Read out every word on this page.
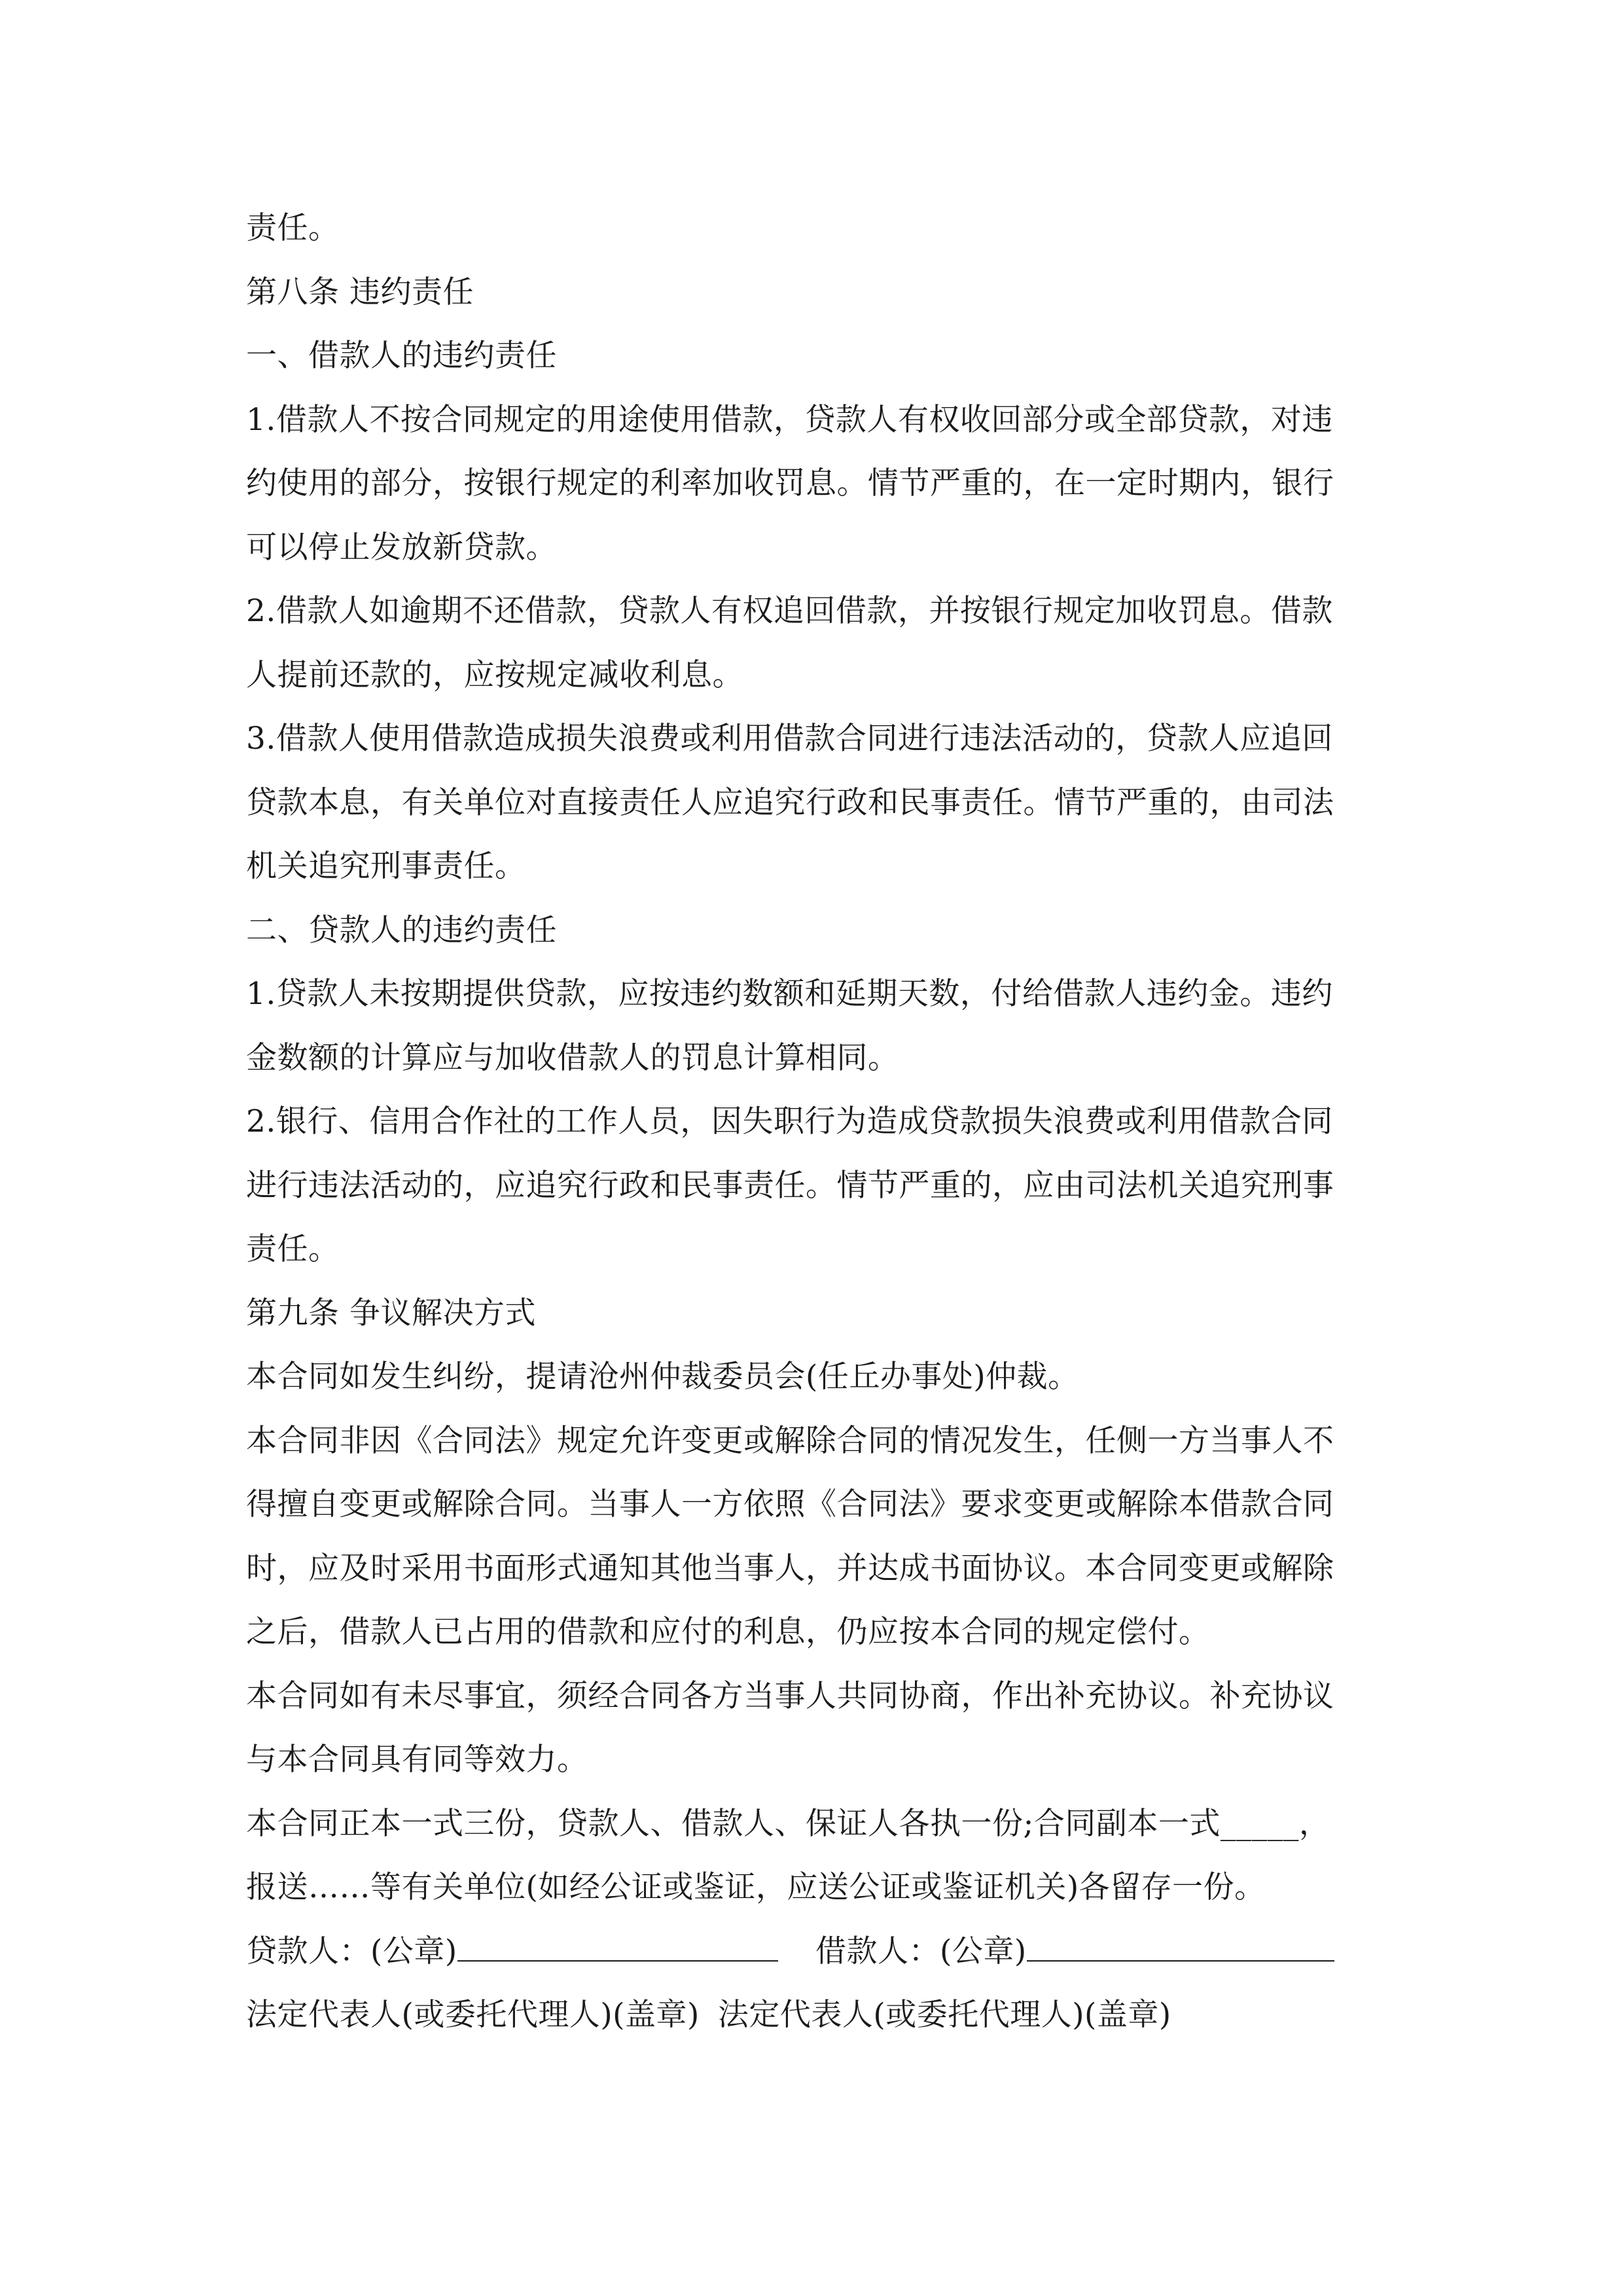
责任。
第八条 违约责任
一、借款人的违约责任
1.借款人不按合同规定的用途使用借款，贷款人有权收回部分或全部贷款，对违
约使用的部分，按银行规定的利率加收罚息。情节严重的，在一定时期内，银行
可以停止发放新贷款。
2.借款人如逾期不还借款，贷款人有权追回借款，并按银行规定加收罚息。借款
人提前还款的，应按规定减收利息。
3.借款人使用借款造成损失浪费或利用借款合同进行违法活动的，贷款人应追回
贷款本息，有关单位对直接责任人应追究行政和民事责任。情节严重的，由司法
机关追究刑事责任。
二、贷款人的违约责任
1.贷款人未按期提供贷款，应按违约数额和延期天数，付给借款人违约金。违约
金数额的计算应与加收借款人的罚息计算相同。
2.银行、信用合作社的工作人员，因失职行为造成贷款损失浪费或利用借款合同
进行违法活动的，应追究行政和民事责任。情节严重的，应由司法机关追究刑事
责任。
第九条 争议解决方式
本合同如发生纠纷，提请沧州仲裁委员会(任丘办事处)仲裁。
本合同非因《合同法》规定允许变更或解除合同的情况发生，任侧一方当事人不
得擅自变更或解除合同。当事人一方依照《合同法》要求变更或解除本借款合同
时，应及时采用书面形式通知其他当事人，并达成书面协议。本合同变更或解除
之后，借款人已占用的借款和应付的利息，仍应按本合同的规定偿付。
本合同如有未尽事宜，须经合同各方当事人共同协商，作出补充协议。补充协议
与本合同具有同等效力。
本合同正本一式三份，贷款人、借款人、保证人各执一份;合同副本一式_____，
报送……等有关单位(如经公证或鉴证，应送公证或鉴证机关)各留存一份。
贷款人：(公章)	借款人：(公章)
法定代表人(或委托代理人)(盖章) 法定代表人(或委托代理人)(盖章)
